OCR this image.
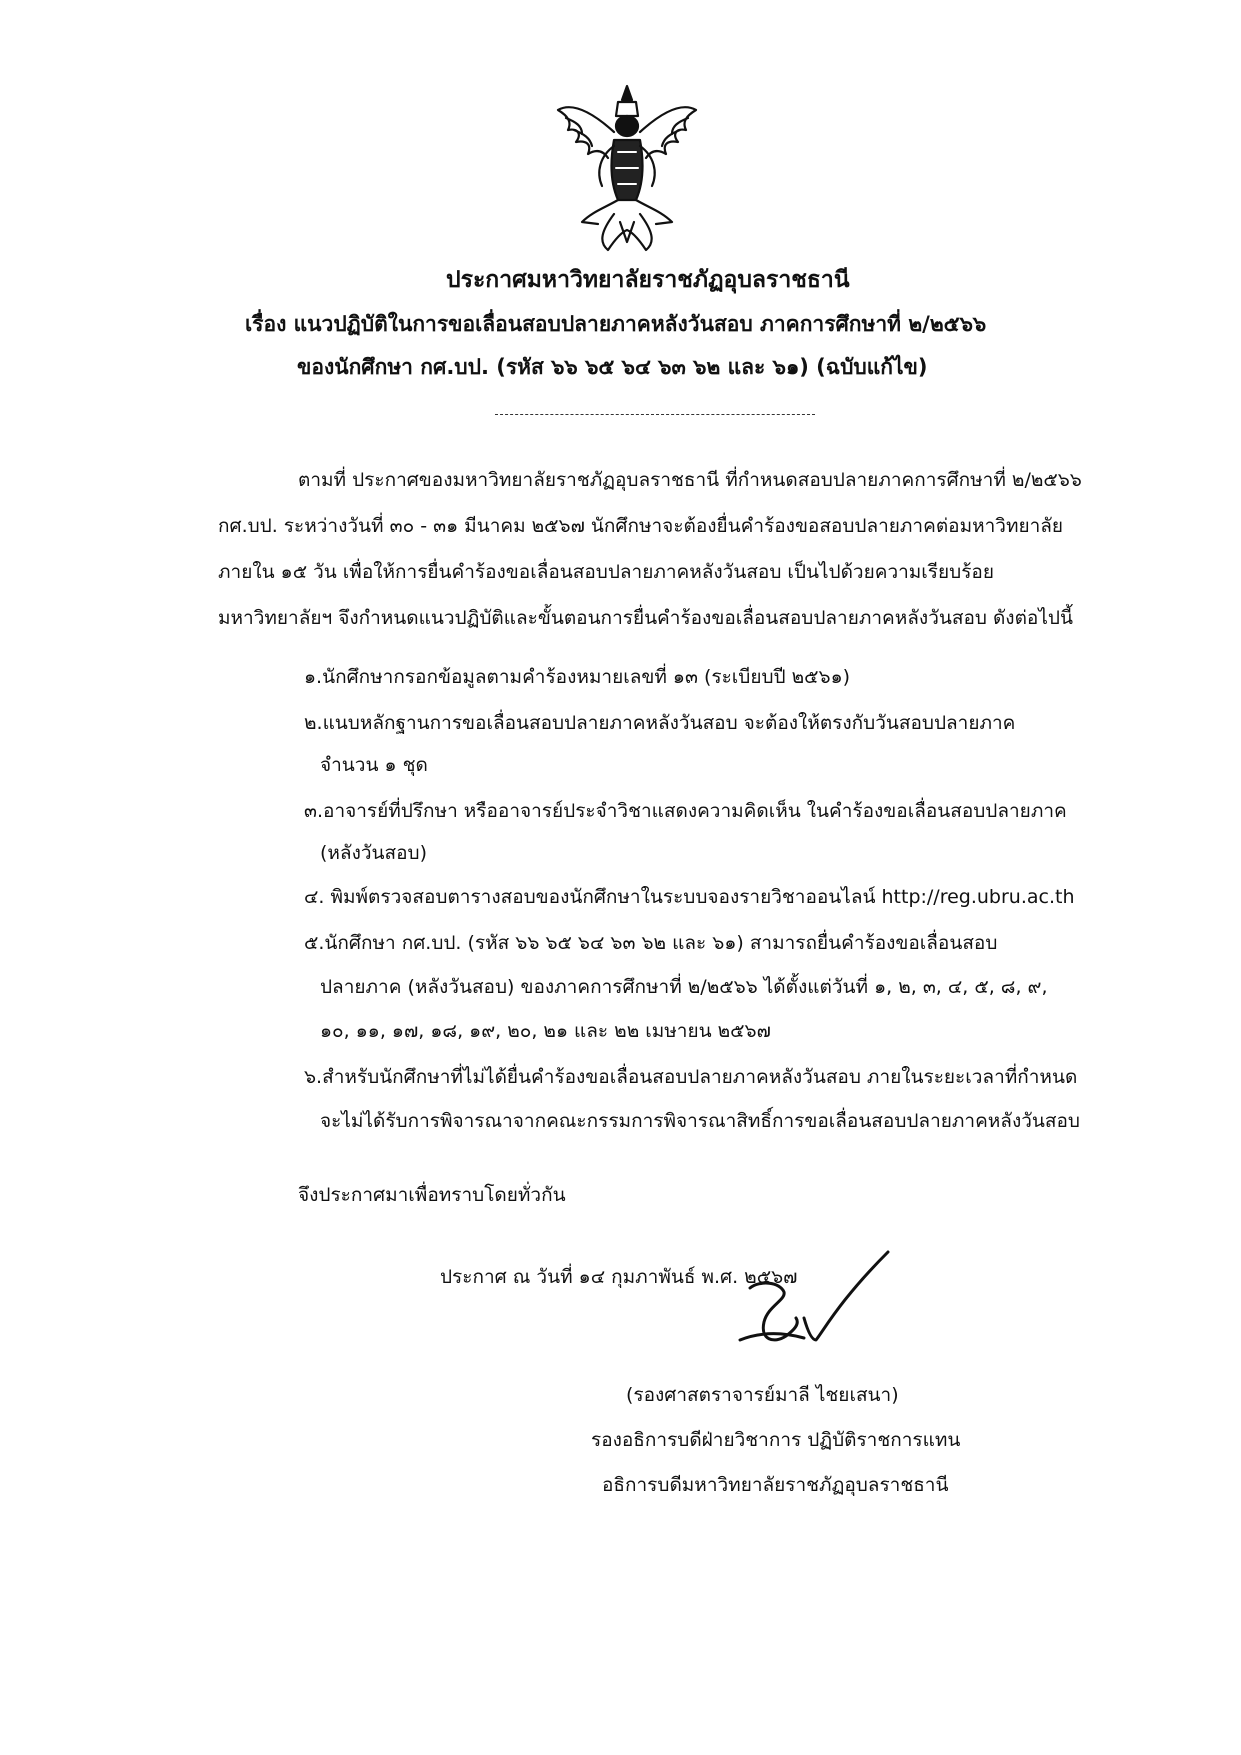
ประกาศมหาวิทยาลัยราชภัฏอุบลราชธานี
เรื่อง แนวปฏิบัติในการขอเลื่อนสอบปลายภาคหลังวันสอบ ภาคการศึกษาที่ ๒/๒๕๖๖
ของนักศึกษา กศ.บป. (รหัส ๖๖ ๖๕ ๖๔ ๖๓ ๖๒ และ ๖๑) (ฉบับแก้ไข)
ตามที่ ประกาศของมหาวิทยาลัยราชภัฏอุบลราชธานี ที่กำหนดสอบปลายภาคการศึกษาที่ ๒/๒๕๖๖
กศ.บป. ระหว่างวันที่ ๓๐ - ๓๑ มีนาคม ๒๕๖๗ นักศึกษาจะต้องยื่นคำร้องขอสอบปลายภาคต่อมหาวิทยาลัย
ภายใน ๑๕ วัน เพื่อให้การยื่นคำร้องขอเลื่อนสอบปลายภาคหลังวันสอบ เป็นไปด้วยความเรียบร้อย
มหาวิทยาลัยฯ จึงกำหนดแนวปฏิบัติและขั้นตอนการยื่นคำร้องขอเลื่อนสอบปลายภาคหลังวันสอบ ดังต่อไปนี้
๑.นักศึกษากรอกข้อมูลตามคำร้องหมายเลขที่ ๑๓ (ระเบียบปี ๒๕๖๑)
๒.แนบหลักฐานการขอเลื่อนสอบปลายภาคหลังวันสอบ จะต้องให้ตรงกับวันสอบปลายภาค
จำนวน ๑ ชุด
๓.อาจารย์ที่ปรึกษา หรืออาจารย์ประจำวิชาแสดงความคิดเห็น ในคำร้องขอเลื่อนสอบปลายภาค
(หลังวันสอบ)
๔. พิมพ์ตรวจสอบตารางสอบของนักศึกษาในระบบจองรายวิชาออนไลน์ http://reg.ubru.ac.th
๕.นักศึกษา กศ.บป. (รหัส ๖๖ ๖๕ ๖๔ ๖๓ ๖๒ และ ๖๑) สามารถยื่นคำร้องขอเลื่อนสอบ
ปลายภาค (หลังวันสอบ) ของภาคการศึกษาที่ ๒/๒๕๖๖ ได้ตั้งแต่วันที่ ๑, ๒, ๓, ๔, ๕, ๘, ๙,
๑๐, ๑๑, ๑๗, ๑๘, ๑๙, ๒๐, ๒๑ และ ๒๒ เมษายน ๒๕๖๗
๖.สำหรับนักศึกษาที่ไม่ได้ยื่นคำร้องขอเลื่อนสอบปลายภาคหลังวันสอบ ภายในระยะเวลาที่กำหนด
จะไม่ได้รับการพิจารณาจากคณะกรรมการพิจารณาสิทธิ์การขอเลื่อนสอบปลายภาคหลังวันสอบ
จึงประกาศมาเพื่อทราบโดยทั่วกัน
ประกาศ ณ วันที่ ๑๔ กุมภาพันธ์ พ.ศ. ๒๕๖๗
(รองศาสตราจารย์มาลี ไชยเสนา)
รองอธิการบดีฝ่ายวิชาการ ปฏิบัติราชการแทน
อธิการบดีมหาวิทยาลัยราชภัฏอุบลราชธานี
